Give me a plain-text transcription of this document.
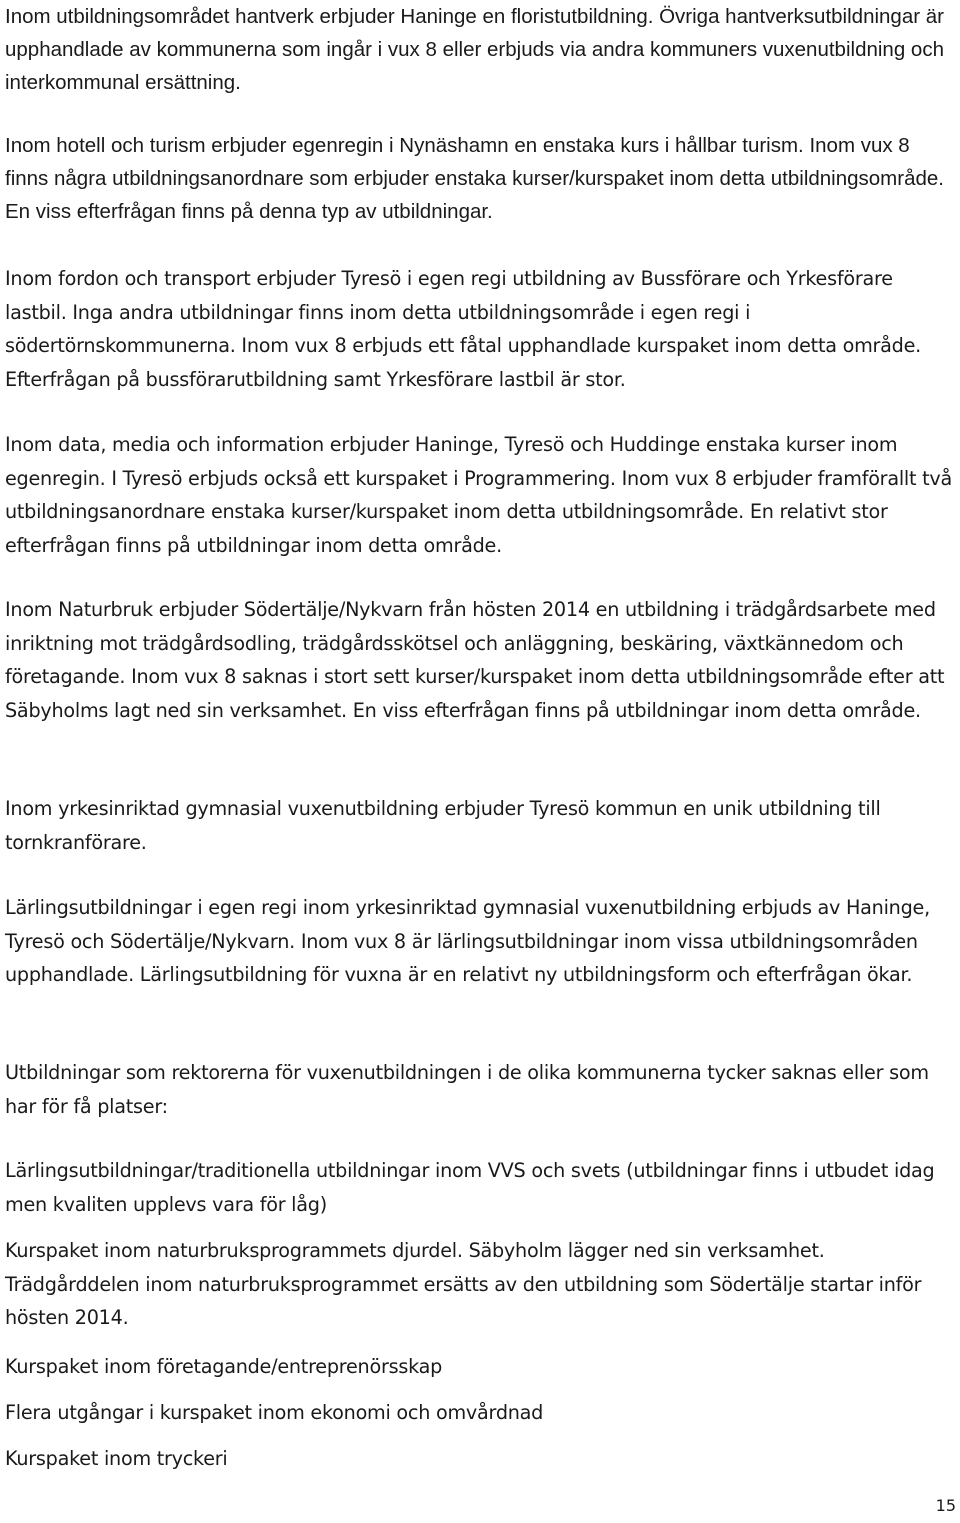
Inom utbildningsområdet hantverk erbjuder Haninge en floristutbildning. Övriga hantverksutbildningar är upphandlade av kommunerna som ingår i vux 8 eller erbjuds via andra kommuners vuxenutbildning och interkommunal ersättning.

Inom hotell och turism erbjuder egenregin i Nynäshamn en enstaka kurs i hållbar turism. Inom vux 8 finns några utbildningsanordnare som erbjuder enstaka kurser/kurspaket inom detta utbildningsområde. En viss efterfrågan finns på denna typ av utbildningar.

Inom fordon och transport erbjuder Tyresö i egen regi utbildning av Bussförare och Yrkesförare lastbil. Inga andra utbildningar finns inom detta utbildningsområde i egen regi i södertörnskommunerna. Inom vux 8 erbjuds ett fåtal upphandlade kurspaket inom detta område. Efterfrågan på bussförarutbildning samt Yrkesförare lastbil är stor.

Inom data, media och information erbjuder Haninge, Tyresö och Huddinge enstaka kurser inom egenregin. I Tyresö erbjuds också ett kurspaket i Programmering. Inom vux 8 erbjuder framförallt två utbildningsanordnare enstaka kurser/kurspaket inom detta utbildningsområde. En relativt stor efterfrågan finns på utbildningar inom detta område.

Inom Naturbruk erbjuder Södertälje/Nykvarn från hösten 2014 en utbildning i trädgårdsarbete med inriktning mot trädgårdsodling, trädgårdsskötsel och anläggning, beskäring, växtkännedom och företagande. Inom vux 8 saknas i stort sett kurser/kurspaket inom detta utbildningsområde efter att Säbyholms lagt ned sin verksamhet. En viss efterfrågan finns på utbildningar inom detta område.

Inom yrkesinriktad gymnasial vuxenutbildning erbjuder Tyresö kommun en unik utbildning till tornkranförare.

Lärlingsutbildningar i egen regi inom yrkesinriktad gymnasial vuxenutbildning erbjuds av Haninge, Tyresö och Södertälje/Nykvarn. Inom vux 8 är lärlingsutbildningar inom vissa utbildningsområden upphandlade. Lärlingsutbildning för vuxna är en relativt ny utbildningsform och efterfrågan ökar.

Utbildningar som rektorerna för vuxenutbildningen i de olika kommunerna tycker saknas eller som har för få platser:

Lärlingsutbildningar/traditionella utbildningar inom VVS och svets (utbildningar finns i utbudet idag men kvaliten upplevs vara för låg)

Kurspaket inom naturbruksprogrammets djurdel. Säbyholm lägger ned sin verksamhet. Trädgårddelen inom naturbruksprogrammet ersätts av den utbildning som Södertälje startar inför hösten 2014.

Kurspaket inom företagande/entreprenörsskap

Flera utgångar i kurspaket inom ekonomi och omvårdnad

Kurspaket inom tryckeri

15
